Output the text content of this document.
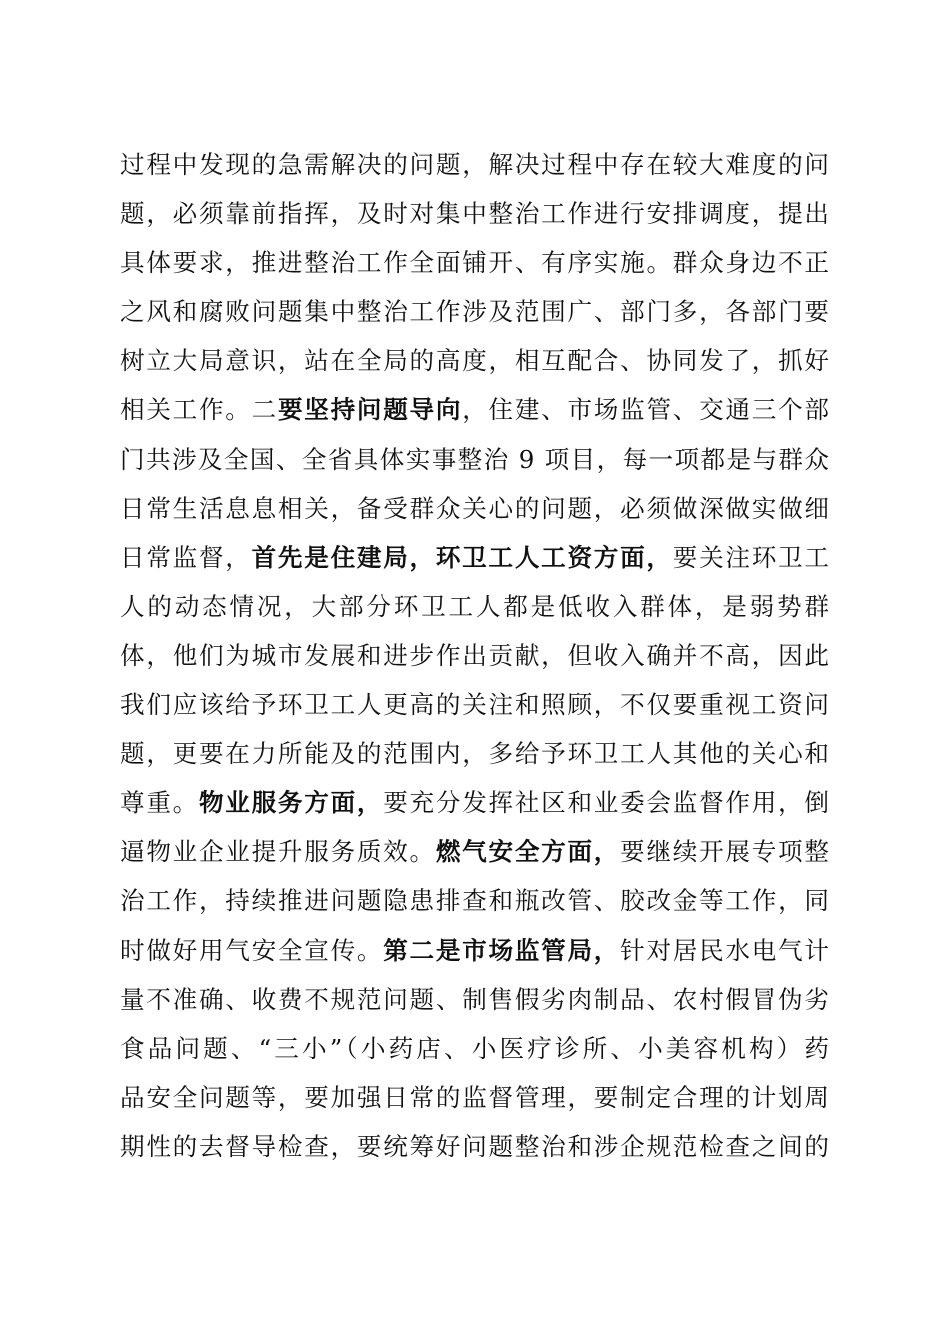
过程中发现的急需解决的问题，解决过程中存在较大难度的问
题，必须靠前指挥，及时对集中整治工作进行安排调度，提出
具体要求，推进整治工作全面铺开、有序实施。群众身边不正
之风和腐败问题集中整治工作涉及范围广、部门多，各部门要
树立大局意识，站在全局的高度，相互配合、协同发了，抓好
相关工作。二要坚持问题导向，住建、市场监管、交通三个部
门共涉及全国、全省具体实事整治 9 项目，每一项都是与群众
日常生活息息相关，备受群众关心的问题，必须做深做实做细
日常监督，首先是住建局，环卫工人工资方面，要关注环卫工
人的动态情况，大部分环卫工人都是低收入群体，是弱势群
体，他们为城市发展和进步作出贡献，但收入确并不高，因此
我们应该给予环卫工人更高的关注和照顾，不仅要重视工资问
题，更要在力所能及的范围内，多给予环卫工人其他的关心和
尊重。物业服务方面，要充分发挥社区和业委会监督作用，倒
逼物业企业提升服务质效。燃气安全方面，要继续开展专项整
治工作，持续推进问题隐患排查和瓶改管、胶改金等工作，同
时做好用气安全宣传。第二是市场监管局，针对居民水电气计
量不准确、收费不规范问题、制售假劣肉制品、农村假冒伪劣
食品问题、“三小”（小药店、小医疗诊所、小美容机构）药
品安全问题等，要加强日常的监督管理，要制定合理的计划周
期性的去督导检查，要统筹好问题整治和涉企规范检查之间的
